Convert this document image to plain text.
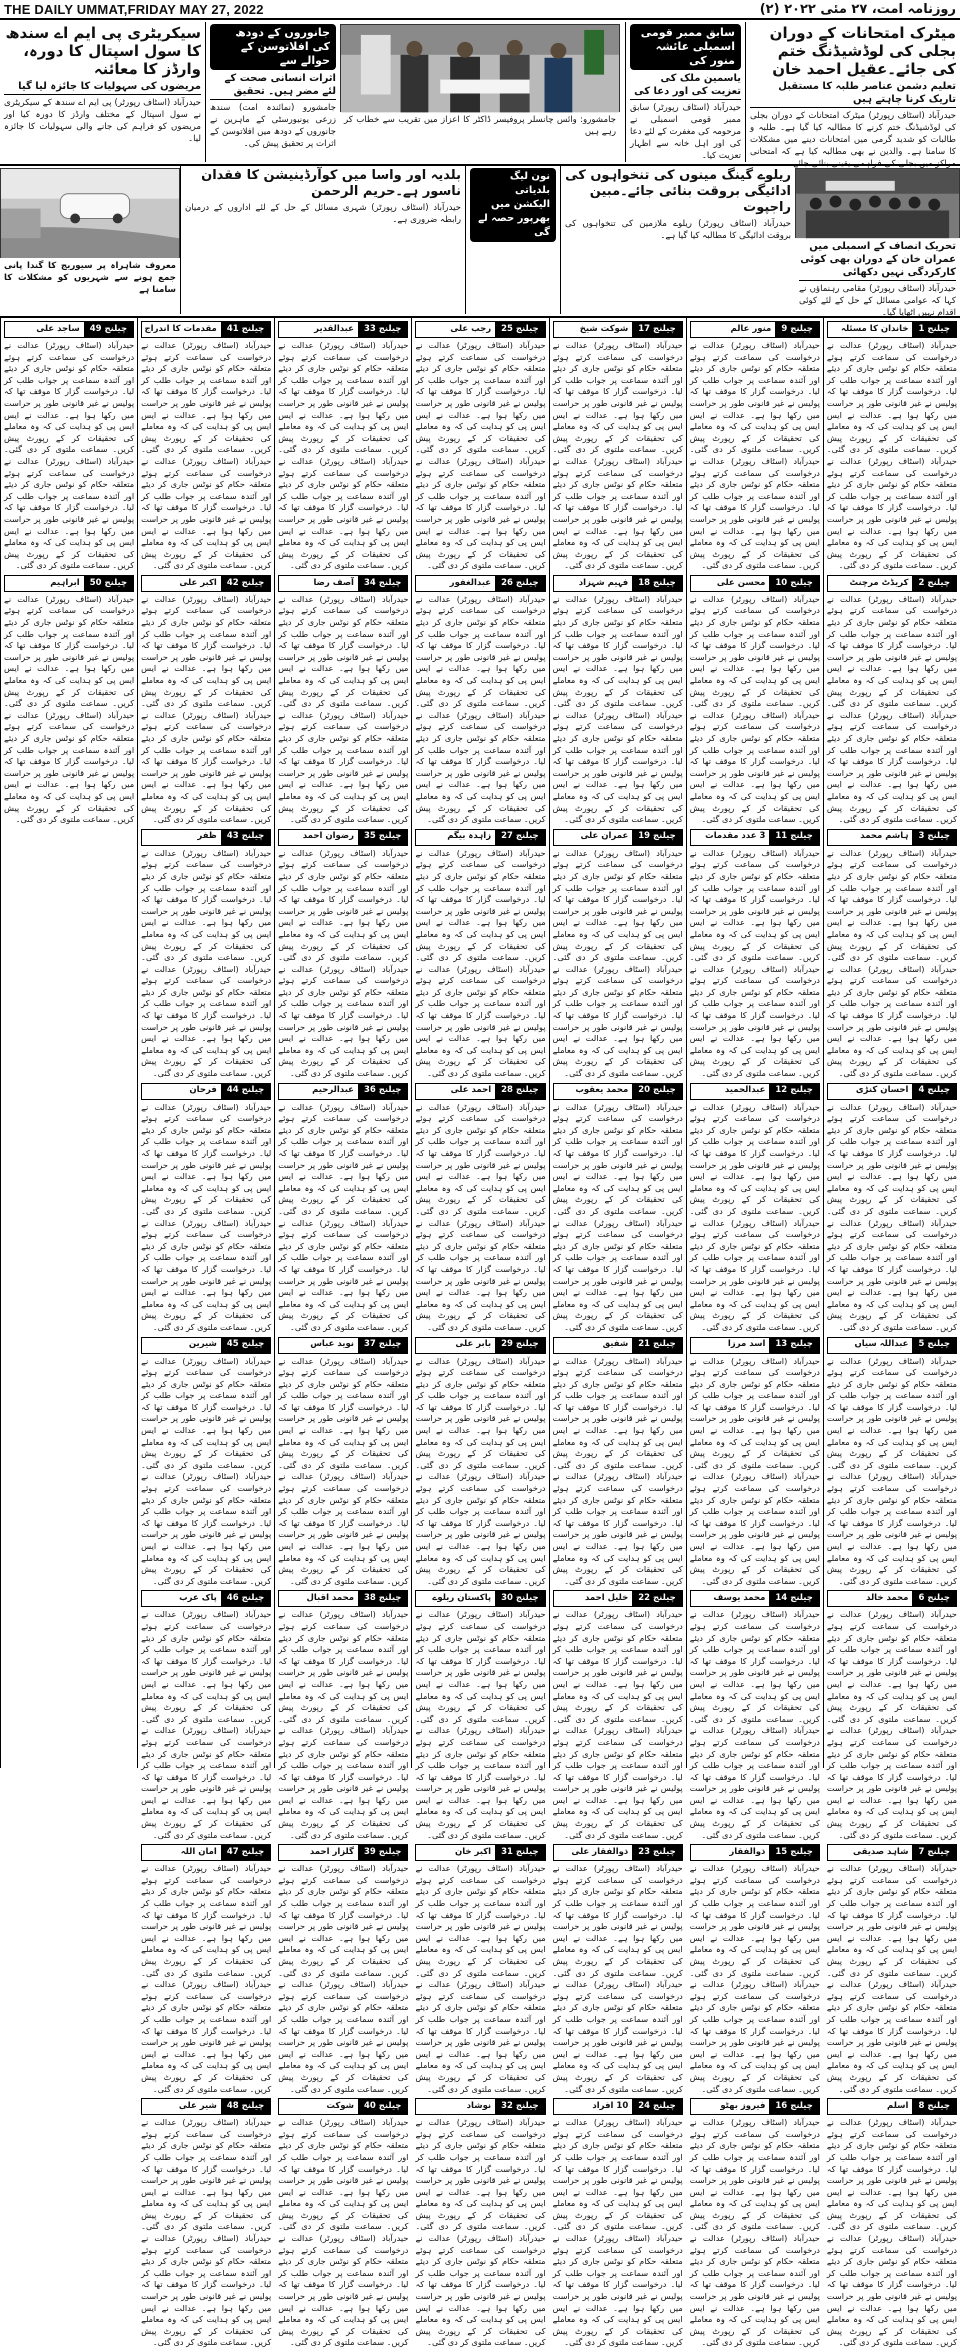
THE DAILY UMMAT,FRIDAY MAY 27, 2022	روزنامہ امت، ۲۷ مئی ۲۰۲۲ (۲)
میٹرک امتحانات کے دوران بجلی کی لوڈشیڈنگ ختم کی جائے۔عقیل احمد خان
تعلیم دشمن عناصر طلبہ کا مستقبل تاریک کرنا چاہتے ہیں

حیدرآباد (اسٹاف رپورٹر) میٹرک امتحانات کے دوران بجلی کی لوڈشیڈنگ ختم کرنے کا مطالبہ کیا گیا ہے۔ طلبہ و طالبات کو شدید گرمی میں امتحانات دینے میں مشکلات کا سامنا ہے۔ والدین نے بھی مطالبہ کیا ہے کہ امتحانی مراکز میں بجلی کی فراہمی یقینی بنائی جائے۔

سابق ممبر قومی اسمبلی عائشہ منور کی
یاسمین ملک کی تعزیت کی اور دعا کی

حیدرآباد (اسٹاف رپورٹر) سابق ممبر قومی اسمبلی نے مرحومہ کی مغفرت کے لئے دعا کی اور اہل خانہ سے اظہار تعزیت کیا۔

جامشورو: وائس چانسلر پروفیسر ڈاکٹر کا اعزاز میں تقریب سے خطاب کر رہے ہیں

جانوروں کے دودھ کی افلاتوسن کے حوالے سے
اثرات انسانی صحت کے لئے مضر ہیں۔ تحقیق

جامشورو (نمائندہ امت) سندھ زرعی یونیورسٹی کے ماہرین نے جانوروں کے دودھ میں افلاتوسن کے اثرات پر تحقیق پیش کی۔

سیکریٹری پی ایم اے سندھ کا سول اسپتال کا دورہ، وارڈز کا معائنہ
مریضوں کی سہولیات کا جائزہ لیا گیا

حیدرآباد (اسٹاف رپورٹر) پی ایم اے سندھ کے سیکریٹری نے سول اسپتال کے مختلف وارڈز کا دورہ کیا اور مریضوں کو فراہم کی جانے والی سہولیات کا جائزہ لیا۔

تحریک انصاف کے اسمبلی میں عمران خان کے دوران بھی کوئی کارکردگی نہیں دکھائی

حیدرآباد (اسٹاف رپورٹر) مقامی رہنماؤں نے کہا کہ عوامی مسائل کے حل کے لئے کوئی اقدام نہیں اٹھایا گیا۔

ریلوے گینگ مینوں کی تنخواہوں کی ادائیگی بروقت بنائی جائے۔مبین راجپوت

حیدرآباد (اسٹاف رپورٹر) ریلوے ملازمین کی تنخواہوں کی بروقت ادائیگی کا مطالبہ کیا گیا ہے۔

نون لیگ بلدیاتی الیکشن میں بھرپور حصہ لے گی
بلدیہ اور واسا میں کوآرڈینیشن کا فقدان ناسور ہے۔حریم الرحمن

حیدرآباد (اسٹاف رپورٹر) شہری مسائل کے حل کے لئے اداروں کے درمیان رابطہ ضروری ہے۔

معروف شاہراہ پر سیوریج کا گندا پانی جمع ہونے سے شہریوں کو مشکلات کا سامنا ہے

چیلنج 1
خاندان کا مسئلہ

حیدرآباد (اسٹاف رپورٹر) عدالت نے درخواست کی سماعت کرتے ہوئے متعلقہ حکام کو نوٹس جاری کر دیئے اور آئندہ سماعت پر جواب طلب کر لیا۔ درخواست گزار کا موقف تھا کہ پولیس نے غیر قانونی طور پر حراست میں رکھا ہوا ہے۔ عدالت نے ایس ایس پی کو ہدایت کی کہ وہ معاملے کی تحقیقات کر کے رپورٹ پیش کریں۔ سماعت ملتوی کر دی گئی۔ حیدرآباد (اسٹاف رپورٹر) عدالت نے درخواست کی سماعت کرتے ہوئے متعلقہ حکام کو نوٹس جاری کر دیئے اور آئندہ سماعت پر جواب طلب کر لیا۔ درخواست گزار کا موقف تھا کہ پولیس نے غیر قانونی طور پر حراست میں رکھا ہوا ہے۔ عدالت نے ایس ایس پی کو ہدایت کی کہ وہ معاملے کی تحقیقات کر کے رپورٹ پیش کریں۔ سماعت ملتوی کر دی گئی۔

چیلنج 2
کریڈٹ مرچنٹ

حیدرآباد (اسٹاف رپورٹر) عدالت نے درخواست کی سماعت کرتے ہوئے متعلقہ حکام کو نوٹس جاری کر دیئے اور آئندہ سماعت پر جواب طلب کر لیا۔ درخواست گزار کا موقف تھا کہ پولیس نے غیر قانونی طور پر حراست میں رکھا ہوا ہے۔ عدالت نے ایس ایس پی کو ہدایت کی کہ وہ معاملے کی تحقیقات کر کے رپورٹ پیش کریں۔ سماعت ملتوی کر دی گئی۔ حیدرآباد (اسٹاف رپورٹر) عدالت نے درخواست کی سماعت کرتے ہوئے متعلقہ حکام کو نوٹس جاری کر دیئے اور آئندہ سماعت پر جواب طلب کر لیا۔ درخواست گزار کا موقف تھا کہ پولیس نے غیر قانونی طور پر حراست میں رکھا ہوا ہے۔ عدالت نے ایس ایس پی کو ہدایت کی کہ وہ معاملے کی تحقیقات کر کے رپورٹ پیش کریں۔ سماعت ملتوی کر دی گئی۔

چیلنج 3
ہاشم محمد

حیدرآباد (اسٹاف رپورٹر) عدالت نے درخواست کی سماعت کرتے ہوئے متعلقہ حکام کو نوٹس جاری کر دیئے اور آئندہ سماعت پر جواب طلب کر لیا۔ درخواست گزار کا موقف تھا کہ پولیس نے غیر قانونی طور پر حراست میں رکھا ہوا ہے۔ عدالت نے ایس ایس پی کو ہدایت کی کہ وہ معاملے کی تحقیقات کر کے رپورٹ پیش کریں۔ سماعت ملتوی کر دی گئی۔ حیدرآباد (اسٹاف رپورٹر) عدالت نے درخواست کی سماعت کرتے ہوئے متعلقہ حکام کو نوٹس جاری کر دیئے اور آئندہ سماعت پر جواب طلب کر لیا۔ درخواست گزار کا موقف تھا کہ پولیس نے غیر قانونی طور پر حراست میں رکھا ہوا ہے۔ عدالت نے ایس ایس پی کو ہدایت کی کہ وہ معاملے کی تحقیقات کر کے رپورٹ پیش کریں۔ سماعت ملتوی کر دی گئی۔

چیلنج 4
احسان کنڑی

حیدرآباد (اسٹاف رپورٹر) عدالت نے درخواست کی سماعت کرتے ہوئے متعلقہ حکام کو نوٹس جاری کر دیئے اور آئندہ سماعت پر جواب طلب کر لیا۔ درخواست گزار کا موقف تھا کہ پولیس نے غیر قانونی طور پر حراست میں رکھا ہوا ہے۔ عدالت نے ایس ایس پی کو ہدایت کی کہ وہ معاملے کی تحقیقات کر کے رپورٹ پیش کریں۔ سماعت ملتوی کر دی گئی۔ حیدرآباد (اسٹاف رپورٹر) عدالت نے درخواست کی سماعت کرتے ہوئے متعلقہ حکام کو نوٹس جاری کر دیئے اور آئندہ سماعت پر جواب طلب کر لیا۔ درخواست گزار کا موقف تھا کہ پولیس نے غیر قانونی طور پر حراست میں رکھا ہوا ہے۔ عدالت نے ایس ایس پی کو ہدایت کی کہ وہ معاملے کی تحقیقات کر کے رپورٹ پیش کریں۔ سماعت ملتوی کر دی گئی۔

چیلنج 5
عبداللہ سیاں

حیدرآباد (اسٹاف رپورٹر) عدالت نے درخواست کی سماعت کرتے ہوئے متعلقہ حکام کو نوٹس جاری کر دیئے اور آئندہ سماعت پر جواب طلب کر لیا۔ درخواست گزار کا موقف تھا کہ پولیس نے غیر قانونی طور پر حراست میں رکھا ہوا ہے۔ عدالت نے ایس ایس پی کو ہدایت کی کہ وہ معاملے کی تحقیقات کر کے رپورٹ پیش کریں۔ سماعت ملتوی کر دی گئی۔ حیدرآباد (اسٹاف رپورٹر) عدالت نے درخواست کی سماعت کرتے ہوئے متعلقہ حکام کو نوٹس جاری کر دیئے اور آئندہ سماعت پر جواب طلب کر لیا۔ درخواست گزار کا موقف تھا کہ پولیس نے غیر قانونی طور پر حراست میں رکھا ہوا ہے۔ عدالت نے ایس ایس پی کو ہدایت کی کہ وہ معاملے کی تحقیقات کر کے رپورٹ پیش کریں۔ سماعت ملتوی کر دی گئی۔

چیلنج 6
محمد خالد

حیدرآباد (اسٹاف رپورٹر) عدالت نے درخواست کی سماعت کرتے ہوئے متعلقہ حکام کو نوٹس جاری کر دیئے اور آئندہ سماعت پر جواب طلب کر لیا۔ درخواست گزار کا موقف تھا کہ پولیس نے غیر قانونی طور پر حراست میں رکھا ہوا ہے۔ عدالت نے ایس ایس پی کو ہدایت کی کہ وہ معاملے کی تحقیقات کر کے رپورٹ پیش کریں۔ سماعت ملتوی کر دی گئی۔ حیدرآباد (اسٹاف رپورٹر) عدالت نے درخواست کی سماعت کرتے ہوئے متعلقہ حکام کو نوٹس جاری کر دیئے اور آئندہ سماعت پر جواب طلب کر لیا۔ درخواست گزار کا موقف تھا کہ پولیس نے غیر قانونی طور پر حراست میں رکھا ہوا ہے۔ عدالت نے ایس ایس پی کو ہدایت کی کہ وہ معاملے کی تحقیقات کر کے رپورٹ پیش کریں۔ سماعت ملتوی کر دی گئی۔

چیلنج 7
شاہد صدیقی

حیدرآباد (اسٹاف رپورٹر) عدالت نے درخواست کی سماعت کرتے ہوئے متعلقہ حکام کو نوٹس جاری کر دیئے اور آئندہ سماعت پر جواب طلب کر لیا۔ درخواست گزار کا موقف تھا کہ پولیس نے غیر قانونی طور پر حراست میں رکھا ہوا ہے۔ عدالت نے ایس ایس پی کو ہدایت کی کہ وہ معاملے کی تحقیقات کر کے رپورٹ پیش کریں۔ سماعت ملتوی کر دی گئی۔ حیدرآباد (اسٹاف رپورٹر) عدالت نے درخواست کی سماعت کرتے ہوئے متعلقہ حکام کو نوٹس جاری کر دیئے اور آئندہ سماعت پر جواب طلب کر لیا۔ درخواست گزار کا موقف تھا کہ پولیس نے غیر قانونی طور پر حراست میں رکھا ہوا ہے۔ عدالت نے ایس ایس پی کو ہدایت کی کہ وہ معاملے کی تحقیقات کر کے رپورٹ پیش کریں۔ سماعت ملتوی کر دی گئی۔

چیلنج 8
اسلم

حیدرآباد (اسٹاف رپورٹر) عدالت نے درخواست کی سماعت کرتے ہوئے متعلقہ حکام کو نوٹس جاری کر دیئے اور آئندہ سماعت پر جواب طلب کر لیا۔ درخواست گزار کا موقف تھا کہ پولیس نے غیر قانونی طور پر حراست میں رکھا ہوا ہے۔ عدالت نے ایس ایس پی کو ہدایت کی کہ وہ معاملے کی تحقیقات کر کے رپورٹ پیش کریں۔ سماعت ملتوی کر دی گئی۔ حیدرآباد (اسٹاف رپورٹر) عدالت نے درخواست کی سماعت کرتے ہوئے متعلقہ حکام کو نوٹس جاری کر دیئے اور آئندہ سماعت پر جواب طلب کر لیا۔ درخواست گزار کا موقف تھا کہ پولیس نے غیر قانونی طور پر حراست میں رکھا ہوا ہے۔ عدالت نے ایس ایس پی کو ہدایت کی کہ وہ معاملے کی تحقیقات کر کے رپورٹ پیش کریں۔ سماعت ملتوی کر دی گئی۔

چیلنج 9
منور عالم

حیدرآباد (اسٹاف رپورٹر) عدالت نے درخواست کی سماعت کرتے ہوئے متعلقہ حکام کو نوٹس جاری کر دیئے اور آئندہ سماعت پر جواب طلب کر لیا۔ درخواست گزار کا موقف تھا کہ پولیس نے غیر قانونی طور پر حراست میں رکھا ہوا ہے۔ عدالت نے ایس ایس پی کو ہدایت کی کہ وہ معاملے کی تحقیقات کر کے رپورٹ پیش کریں۔ سماعت ملتوی کر دی گئی۔ حیدرآباد (اسٹاف رپورٹر) عدالت نے درخواست کی سماعت کرتے ہوئے متعلقہ حکام کو نوٹس جاری کر دیئے اور آئندہ سماعت پر جواب طلب کر لیا۔ درخواست گزار کا موقف تھا کہ پولیس نے غیر قانونی طور پر حراست میں رکھا ہوا ہے۔ عدالت نے ایس ایس پی کو ہدایت کی کہ وہ معاملے کی تحقیقات کر کے رپورٹ پیش کریں۔ سماعت ملتوی کر دی گئی۔

چیلنج 10
محسن علی

حیدرآباد (اسٹاف رپورٹر) عدالت نے درخواست کی سماعت کرتے ہوئے متعلقہ حکام کو نوٹس جاری کر دیئے اور آئندہ سماعت پر جواب طلب کر لیا۔ درخواست گزار کا موقف تھا کہ پولیس نے غیر قانونی طور پر حراست میں رکھا ہوا ہے۔ عدالت نے ایس ایس پی کو ہدایت کی کہ وہ معاملے کی تحقیقات کر کے رپورٹ پیش کریں۔ سماعت ملتوی کر دی گئی۔ حیدرآباد (اسٹاف رپورٹر) عدالت نے درخواست کی سماعت کرتے ہوئے متعلقہ حکام کو نوٹس جاری کر دیئے اور آئندہ سماعت پر جواب طلب کر لیا۔ درخواست گزار کا موقف تھا کہ پولیس نے غیر قانونی طور پر حراست میں رکھا ہوا ہے۔ عدالت نے ایس ایس پی کو ہدایت کی کہ وہ معاملے کی تحقیقات کر کے رپورٹ پیش کریں۔ سماعت ملتوی کر دی گئی۔

چیلنج 11
3 عدد مقدمات

حیدرآباد (اسٹاف رپورٹر) عدالت نے درخواست کی سماعت کرتے ہوئے متعلقہ حکام کو نوٹس جاری کر دیئے اور آئندہ سماعت پر جواب طلب کر لیا۔ درخواست گزار کا موقف تھا کہ پولیس نے غیر قانونی طور پر حراست میں رکھا ہوا ہے۔ عدالت نے ایس ایس پی کو ہدایت کی کہ وہ معاملے کی تحقیقات کر کے رپورٹ پیش کریں۔ سماعت ملتوی کر دی گئی۔ حیدرآباد (اسٹاف رپورٹر) عدالت نے درخواست کی سماعت کرتے ہوئے متعلقہ حکام کو نوٹس جاری کر دیئے اور آئندہ سماعت پر جواب طلب کر لیا۔ درخواست گزار کا موقف تھا کہ پولیس نے غیر قانونی طور پر حراست میں رکھا ہوا ہے۔ عدالت نے ایس ایس پی کو ہدایت کی کہ وہ معاملے کی تحقیقات کر کے رپورٹ پیش کریں۔ سماعت ملتوی کر دی گئی۔

چیلنج 12
عبدالحمید

حیدرآباد (اسٹاف رپورٹر) عدالت نے درخواست کی سماعت کرتے ہوئے متعلقہ حکام کو نوٹس جاری کر دیئے اور آئندہ سماعت پر جواب طلب کر لیا۔ درخواست گزار کا موقف تھا کہ پولیس نے غیر قانونی طور پر حراست میں رکھا ہوا ہے۔ عدالت نے ایس ایس پی کو ہدایت کی کہ وہ معاملے کی تحقیقات کر کے رپورٹ پیش کریں۔ سماعت ملتوی کر دی گئی۔ حیدرآباد (اسٹاف رپورٹر) عدالت نے درخواست کی سماعت کرتے ہوئے متعلقہ حکام کو نوٹس جاری کر دیئے اور آئندہ سماعت پر جواب طلب کر لیا۔ درخواست گزار کا موقف تھا کہ پولیس نے غیر قانونی طور پر حراست میں رکھا ہوا ہے۔ عدالت نے ایس ایس پی کو ہدایت کی کہ وہ معاملے کی تحقیقات کر کے رپورٹ پیش کریں۔ سماعت ملتوی کر دی گئی۔

چیلنج 13
اسد مرزا

حیدرآباد (اسٹاف رپورٹر) عدالت نے درخواست کی سماعت کرتے ہوئے متعلقہ حکام کو نوٹس جاری کر دیئے اور آئندہ سماعت پر جواب طلب کر لیا۔ درخواست گزار کا موقف تھا کہ پولیس نے غیر قانونی طور پر حراست میں رکھا ہوا ہے۔ عدالت نے ایس ایس پی کو ہدایت کی کہ وہ معاملے کی تحقیقات کر کے رپورٹ پیش کریں۔ سماعت ملتوی کر دی گئی۔ حیدرآباد (اسٹاف رپورٹر) عدالت نے درخواست کی سماعت کرتے ہوئے متعلقہ حکام کو نوٹس جاری کر دیئے اور آئندہ سماعت پر جواب طلب کر لیا۔ درخواست گزار کا موقف تھا کہ پولیس نے غیر قانونی طور پر حراست میں رکھا ہوا ہے۔ عدالت نے ایس ایس پی کو ہدایت کی کہ وہ معاملے کی تحقیقات کر کے رپورٹ پیش کریں۔ سماعت ملتوی کر دی گئی۔

چیلنج 14
محمد یوسف

حیدرآباد (اسٹاف رپورٹر) عدالت نے درخواست کی سماعت کرتے ہوئے متعلقہ حکام کو نوٹس جاری کر دیئے اور آئندہ سماعت پر جواب طلب کر لیا۔ درخواست گزار کا موقف تھا کہ پولیس نے غیر قانونی طور پر حراست میں رکھا ہوا ہے۔ عدالت نے ایس ایس پی کو ہدایت کی کہ وہ معاملے کی تحقیقات کر کے رپورٹ پیش کریں۔ سماعت ملتوی کر دی گئی۔ حیدرآباد (اسٹاف رپورٹر) عدالت نے درخواست کی سماعت کرتے ہوئے متعلقہ حکام کو نوٹس جاری کر دیئے اور آئندہ سماعت پر جواب طلب کر لیا۔ درخواست گزار کا موقف تھا کہ پولیس نے غیر قانونی طور پر حراست میں رکھا ہوا ہے۔ عدالت نے ایس ایس پی کو ہدایت کی کہ وہ معاملے کی تحقیقات کر کے رپورٹ پیش کریں۔ سماعت ملتوی کر دی گئی۔

چیلنج 15
ذوالفقار

حیدرآباد (اسٹاف رپورٹر) عدالت نے درخواست کی سماعت کرتے ہوئے متعلقہ حکام کو نوٹس جاری کر دیئے اور آئندہ سماعت پر جواب طلب کر لیا۔ درخواست گزار کا موقف تھا کہ پولیس نے غیر قانونی طور پر حراست میں رکھا ہوا ہے۔ عدالت نے ایس ایس پی کو ہدایت کی کہ وہ معاملے کی تحقیقات کر کے رپورٹ پیش کریں۔ سماعت ملتوی کر دی گئی۔ حیدرآباد (اسٹاف رپورٹر) عدالت نے درخواست کی سماعت کرتے ہوئے متعلقہ حکام کو نوٹس جاری کر دیئے اور آئندہ سماعت پر جواب طلب کر لیا۔ درخواست گزار کا موقف تھا کہ پولیس نے غیر قانونی طور پر حراست میں رکھا ہوا ہے۔ عدالت نے ایس ایس پی کو ہدایت کی کہ وہ معاملے کی تحقیقات کر کے رپورٹ پیش کریں۔ سماعت ملتوی کر دی گئی۔

چیلنج 16
فیروز بھٹو

حیدرآباد (اسٹاف رپورٹر) عدالت نے درخواست کی سماعت کرتے ہوئے متعلقہ حکام کو نوٹس جاری کر دیئے اور آئندہ سماعت پر جواب طلب کر لیا۔ درخواست گزار کا موقف تھا کہ پولیس نے غیر قانونی طور پر حراست میں رکھا ہوا ہے۔ عدالت نے ایس ایس پی کو ہدایت کی کہ وہ معاملے کی تحقیقات کر کے رپورٹ پیش کریں۔ سماعت ملتوی کر دی گئی۔ حیدرآباد (اسٹاف رپورٹر) عدالت نے درخواست کی سماعت کرتے ہوئے متعلقہ حکام کو نوٹس جاری کر دیئے اور آئندہ سماعت پر جواب طلب کر لیا۔ درخواست گزار کا موقف تھا کہ پولیس نے غیر قانونی طور پر حراست میں رکھا ہوا ہے۔ عدالت نے ایس ایس پی کو ہدایت کی کہ وہ معاملے کی تحقیقات کر کے رپورٹ پیش کریں۔ سماعت ملتوی کر دی گئی۔

چیلنج 17
شوکت شیخ

حیدرآباد (اسٹاف رپورٹر) عدالت نے درخواست کی سماعت کرتے ہوئے متعلقہ حکام کو نوٹس جاری کر دیئے اور آئندہ سماعت پر جواب طلب کر لیا۔ درخواست گزار کا موقف تھا کہ پولیس نے غیر قانونی طور پر حراست میں رکھا ہوا ہے۔ عدالت نے ایس ایس پی کو ہدایت کی کہ وہ معاملے کی تحقیقات کر کے رپورٹ پیش کریں۔ سماعت ملتوی کر دی گئی۔ حیدرآباد (اسٹاف رپورٹر) عدالت نے درخواست کی سماعت کرتے ہوئے متعلقہ حکام کو نوٹس جاری کر دیئے اور آئندہ سماعت پر جواب طلب کر لیا۔ درخواست گزار کا موقف تھا کہ پولیس نے غیر قانونی طور پر حراست میں رکھا ہوا ہے۔ عدالت نے ایس ایس پی کو ہدایت کی کہ وہ معاملے کی تحقیقات کر کے رپورٹ پیش کریں۔ سماعت ملتوی کر دی گئی۔

چیلنج 18
فہیم شہزاد

حیدرآباد (اسٹاف رپورٹر) عدالت نے درخواست کی سماعت کرتے ہوئے متعلقہ حکام کو نوٹس جاری کر دیئے اور آئندہ سماعت پر جواب طلب کر لیا۔ درخواست گزار کا موقف تھا کہ پولیس نے غیر قانونی طور پر حراست میں رکھا ہوا ہے۔ عدالت نے ایس ایس پی کو ہدایت کی کہ وہ معاملے کی تحقیقات کر کے رپورٹ پیش کریں۔ سماعت ملتوی کر دی گئی۔ حیدرآباد (اسٹاف رپورٹر) عدالت نے درخواست کی سماعت کرتے ہوئے متعلقہ حکام کو نوٹس جاری کر دیئے اور آئندہ سماعت پر جواب طلب کر لیا۔ درخواست گزار کا موقف تھا کہ پولیس نے غیر قانونی طور پر حراست میں رکھا ہوا ہے۔ عدالت نے ایس ایس پی کو ہدایت کی کہ وہ معاملے کی تحقیقات کر کے رپورٹ پیش کریں۔ سماعت ملتوی کر دی گئی۔

چیلنج 19
عمران علی

حیدرآباد (اسٹاف رپورٹر) عدالت نے درخواست کی سماعت کرتے ہوئے متعلقہ حکام کو نوٹس جاری کر دیئے اور آئندہ سماعت پر جواب طلب کر لیا۔ درخواست گزار کا موقف تھا کہ پولیس نے غیر قانونی طور پر حراست میں رکھا ہوا ہے۔ عدالت نے ایس ایس پی کو ہدایت کی کہ وہ معاملے کی تحقیقات کر کے رپورٹ پیش کریں۔ سماعت ملتوی کر دی گئی۔ حیدرآباد (اسٹاف رپورٹر) عدالت نے درخواست کی سماعت کرتے ہوئے متعلقہ حکام کو نوٹس جاری کر دیئے اور آئندہ سماعت پر جواب طلب کر لیا۔ درخواست گزار کا موقف تھا کہ پولیس نے غیر قانونی طور پر حراست میں رکھا ہوا ہے۔ عدالت نے ایس ایس پی کو ہدایت کی کہ وہ معاملے کی تحقیقات کر کے رپورٹ پیش کریں۔ سماعت ملتوی کر دی گئی۔

چیلنج 20
محمد یعقوب

حیدرآباد (اسٹاف رپورٹر) عدالت نے درخواست کی سماعت کرتے ہوئے متعلقہ حکام کو نوٹس جاری کر دیئے اور آئندہ سماعت پر جواب طلب کر لیا۔ درخواست گزار کا موقف تھا کہ پولیس نے غیر قانونی طور پر حراست میں رکھا ہوا ہے۔ عدالت نے ایس ایس پی کو ہدایت کی کہ وہ معاملے کی تحقیقات کر کے رپورٹ پیش کریں۔ سماعت ملتوی کر دی گئی۔ حیدرآباد (اسٹاف رپورٹر) عدالت نے درخواست کی سماعت کرتے ہوئے متعلقہ حکام کو نوٹس جاری کر دیئے اور آئندہ سماعت پر جواب طلب کر لیا۔ درخواست گزار کا موقف تھا کہ پولیس نے غیر قانونی طور پر حراست میں رکھا ہوا ہے۔ عدالت نے ایس ایس پی کو ہدایت کی کہ وہ معاملے کی تحقیقات کر کے رپورٹ پیش کریں۔ سماعت ملتوی کر دی گئی۔

چیلنج 21
شفیق

حیدرآباد (اسٹاف رپورٹر) عدالت نے درخواست کی سماعت کرتے ہوئے متعلقہ حکام کو نوٹس جاری کر دیئے اور آئندہ سماعت پر جواب طلب کر لیا۔ درخواست گزار کا موقف تھا کہ پولیس نے غیر قانونی طور پر حراست میں رکھا ہوا ہے۔ عدالت نے ایس ایس پی کو ہدایت کی کہ وہ معاملے کی تحقیقات کر کے رپورٹ پیش کریں۔ سماعت ملتوی کر دی گئی۔ حیدرآباد (اسٹاف رپورٹر) عدالت نے درخواست کی سماعت کرتے ہوئے متعلقہ حکام کو نوٹس جاری کر دیئے اور آئندہ سماعت پر جواب طلب کر لیا۔ درخواست گزار کا موقف تھا کہ پولیس نے غیر قانونی طور پر حراست میں رکھا ہوا ہے۔ عدالت نے ایس ایس پی کو ہدایت کی کہ وہ معاملے کی تحقیقات کر کے رپورٹ پیش کریں۔ سماعت ملتوی کر دی گئی۔

چیلنج 22
خلیل احمد

حیدرآباد (اسٹاف رپورٹر) عدالت نے درخواست کی سماعت کرتے ہوئے متعلقہ حکام کو نوٹس جاری کر دیئے اور آئندہ سماعت پر جواب طلب کر لیا۔ درخواست گزار کا موقف تھا کہ پولیس نے غیر قانونی طور پر حراست میں رکھا ہوا ہے۔ عدالت نے ایس ایس پی کو ہدایت کی کہ وہ معاملے کی تحقیقات کر کے رپورٹ پیش کریں۔ سماعت ملتوی کر دی گئی۔ حیدرآباد (اسٹاف رپورٹر) عدالت نے درخواست کی سماعت کرتے ہوئے متعلقہ حکام کو نوٹس جاری کر دیئے اور آئندہ سماعت پر جواب طلب کر لیا۔ درخواست گزار کا موقف تھا کہ پولیس نے غیر قانونی طور پر حراست میں رکھا ہوا ہے۔ عدالت نے ایس ایس پی کو ہدایت کی کہ وہ معاملے کی تحقیقات کر کے رپورٹ پیش کریں۔ سماعت ملتوی کر دی گئی۔

چیلنج 23
ذوالفقار علی

حیدرآباد (اسٹاف رپورٹر) عدالت نے درخواست کی سماعت کرتے ہوئے متعلقہ حکام کو نوٹس جاری کر دیئے اور آئندہ سماعت پر جواب طلب کر لیا۔ درخواست گزار کا موقف تھا کہ پولیس نے غیر قانونی طور پر حراست میں رکھا ہوا ہے۔ عدالت نے ایس ایس پی کو ہدایت کی کہ وہ معاملے کی تحقیقات کر کے رپورٹ پیش کریں۔ سماعت ملتوی کر دی گئی۔ حیدرآباد (اسٹاف رپورٹر) عدالت نے درخواست کی سماعت کرتے ہوئے متعلقہ حکام کو نوٹس جاری کر دیئے اور آئندہ سماعت پر جواب طلب کر لیا۔ درخواست گزار کا موقف تھا کہ پولیس نے غیر قانونی طور پر حراست میں رکھا ہوا ہے۔ عدالت نے ایس ایس پی کو ہدایت کی کہ وہ معاملے کی تحقیقات کر کے رپورٹ پیش کریں۔ سماعت ملتوی کر دی گئی۔

چیلنج 24
10 افراد

حیدرآباد (اسٹاف رپورٹر) عدالت نے درخواست کی سماعت کرتے ہوئے متعلقہ حکام کو نوٹس جاری کر دیئے اور آئندہ سماعت پر جواب طلب کر لیا۔ درخواست گزار کا موقف تھا کہ پولیس نے غیر قانونی طور پر حراست میں رکھا ہوا ہے۔ عدالت نے ایس ایس پی کو ہدایت کی کہ وہ معاملے کی تحقیقات کر کے رپورٹ پیش کریں۔ سماعت ملتوی کر دی گئی۔ حیدرآباد (اسٹاف رپورٹر) عدالت نے درخواست کی سماعت کرتے ہوئے متعلقہ حکام کو نوٹس جاری کر دیئے اور آئندہ سماعت پر جواب طلب کر لیا۔ درخواست گزار کا موقف تھا کہ پولیس نے غیر قانونی طور پر حراست میں رکھا ہوا ہے۔ عدالت نے ایس ایس پی کو ہدایت کی کہ وہ معاملے کی تحقیقات کر کے رپورٹ پیش کریں۔ سماعت ملتوی کر دی گئی۔

چیلنج 25
رجب علی

حیدرآباد (اسٹاف رپورٹر) عدالت نے درخواست کی سماعت کرتے ہوئے متعلقہ حکام کو نوٹس جاری کر دیئے اور آئندہ سماعت پر جواب طلب کر لیا۔ درخواست گزار کا موقف تھا کہ پولیس نے غیر قانونی طور پر حراست میں رکھا ہوا ہے۔ عدالت نے ایس ایس پی کو ہدایت کی کہ وہ معاملے کی تحقیقات کر کے رپورٹ پیش کریں۔ سماعت ملتوی کر دی گئی۔ حیدرآباد (اسٹاف رپورٹر) عدالت نے درخواست کی سماعت کرتے ہوئے متعلقہ حکام کو نوٹس جاری کر دیئے اور آئندہ سماعت پر جواب طلب کر لیا۔ درخواست گزار کا موقف تھا کہ پولیس نے غیر قانونی طور پر حراست میں رکھا ہوا ہے۔ عدالت نے ایس ایس پی کو ہدایت کی کہ وہ معاملے کی تحقیقات کر کے رپورٹ پیش کریں۔ سماعت ملتوی کر دی گئی۔

چیلنج 26
عبدالغفور

حیدرآباد (اسٹاف رپورٹر) عدالت نے درخواست کی سماعت کرتے ہوئے متعلقہ حکام کو نوٹس جاری کر دیئے اور آئندہ سماعت پر جواب طلب کر لیا۔ درخواست گزار کا موقف تھا کہ پولیس نے غیر قانونی طور پر حراست میں رکھا ہوا ہے۔ عدالت نے ایس ایس پی کو ہدایت کی کہ وہ معاملے کی تحقیقات کر کے رپورٹ پیش کریں۔ سماعت ملتوی کر دی گئی۔ حیدرآباد (اسٹاف رپورٹر) عدالت نے درخواست کی سماعت کرتے ہوئے متعلقہ حکام کو نوٹس جاری کر دیئے اور آئندہ سماعت پر جواب طلب کر لیا۔ درخواست گزار کا موقف تھا کہ پولیس نے غیر قانونی طور پر حراست میں رکھا ہوا ہے۔ عدالت نے ایس ایس پی کو ہدایت کی کہ وہ معاملے کی تحقیقات کر کے رپورٹ پیش کریں۔ سماعت ملتوی کر دی گئی۔

چیلنج 27
زاہدہ بیگم

حیدرآباد (اسٹاف رپورٹر) عدالت نے درخواست کی سماعت کرتے ہوئے متعلقہ حکام کو نوٹس جاری کر دیئے اور آئندہ سماعت پر جواب طلب کر لیا۔ درخواست گزار کا موقف تھا کہ پولیس نے غیر قانونی طور پر حراست میں رکھا ہوا ہے۔ عدالت نے ایس ایس پی کو ہدایت کی کہ وہ معاملے کی تحقیقات کر کے رپورٹ پیش کریں۔ سماعت ملتوی کر دی گئی۔ حیدرآباد (اسٹاف رپورٹر) عدالت نے درخواست کی سماعت کرتے ہوئے متعلقہ حکام کو نوٹس جاری کر دیئے اور آئندہ سماعت پر جواب طلب کر لیا۔ درخواست گزار کا موقف تھا کہ پولیس نے غیر قانونی طور پر حراست میں رکھا ہوا ہے۔ عدالت نے ایس ایس پی کو ہدایت کی کہ وہ معاملے کی تحقیقات کر کے رپورٹ پیش کریں۔ سماعت ملتوی کر دی گئی۔

چیلنج 28
احمد علی

حیدرآباد (اسٹاف رپورٹر) عدالت نے درخواست کی سماعت کرتے ہوئے متعلقہ حکام کو نوٹس جاری کر دیئے اور آئندہ سماعت پر جواب طلب کر لیا۔ درخواست گزار کا موقف تھا کہ پولیس نے غیر قانونی طور پر حراست میں رکھا ہوا ہے۔ عدالت نے ایس ایس پی کو ہدایت کی کہ وہ معاملے کی تحقیقات کر کے رپورٹ پیش کریں۔ سماعت ملتوی کر دی گئی۔ حیدرآباد (اسٹاف رپورٹر) عدالت نے درخواست کی سماعت کرتے ہوئے متعلقہ حکام کو نوٹس جاری کر دیئے اور آئندہ سماعت پر جواب طلب کر لیا۔ درخواست گزار کا موقف تھا کہ پولیس نے غیر قانونی طور پر حراست میں رکھا ہوا ہے۔ عدالت نے ایس ایس پی کو ہدایت کی کہ وہ معاملے کی تحقیقات کر کے رپورٹ پیش کریں۔ سماعت ملتوی کر دی گئی۔

چیلنج 29
بابر علی

حیدرآباد (اسٹاف رپورٹر) عدالت نے درخواست کی سماعت کرتے ہوئے متعلقہ حکام کو نوٹس جاری کر دیئے اور آئندہ سماعت پر جواب طلب کر لیا۔ درخواست گزار کا موقف تھا کہ پولیس نے غیر قانونی طور پر حراست میں رکھا ہوا ہے۔ عدالت نے ایس ایس پی کو ہدایت کی کہ وہ معاملے کی تحقیقات کر کے رپورٹ پیش کریں۔ سماعت ملتوی کر دی گئی۔ حیدرآباد (اسٹاف رپورٹر) عدالت نے درخواست کی سماعت کرتے ہوئے متعلقہ حکام کو نوٹس جاری کر دیئے اور آئندہ سماعت پر جواب طلب کر لیا۔ درخواست گزار کا موقف تھا کہ پولیس نے غیر قانونی طور پر حراست میں رکھا ہوا ہے۔ عدالت نے ایس ایس پی کو ہدایت کی کہ وہ معاملے کی تحقیقات کر کے رپورٹ پیش کریں۔ سماعت ملتوی کر دی گئی۔

چیلنج 30
پاکستان ریلوے

حیدرآباد (اسٹاف رپورٹر) عدالت نے درخواست کی سماعت کرتے ہوئے متعلقہ حکام کو نوٹس جاری کر دیئے اور آئندہ سماعت پر جواب طلب کر لیا۔ درخواست گزار کا موقف تھا کہ پولیس نے غیر قانونی طور پر حراست میں رکھا ہوا ہے۔ عدالت نے ایس ایس پی کو ہدایت کی کہ وہ معاملے کی تحقیقات کر کے رپورٹ پیش کریں۔ سماعت ملتوی کر دی گئی۔ حیدرآباد (اسٹاف رپورٹر) عدالت نے درخواست کی سماعت کرتے ہوئے متعلقہ حکام کو نوٹس جاری کر دیئے اور آئندہ سماعت پر جواب طلب کر لیا۔ درخواست گزار کا موقف تھا کہ پولیس نے غیر قانونی طور پر حراست میں رکھا ہوا ہے۔ عدالت نے ایس ایس پی کو ہدایت کی کہ وہ معاملے کی تحقیقات کر کے رپورٹ پیش کریں۔ سماعت ملتوی کر دی گئی۔

چیلنج 31
اکبر خان

حیدرآباد (اسٹاف رپورٹر) عدالت نے درخواست کی سماعت کرتے ہوئے متعلقہ حکام کو نوٹس جاری کر دیئے اور آئندہ سماعت پر جواب طلب کر لیا۔ درخواست گزار کا موقف تھا کہ پولیس نے غیر قانونی طور پر حراست میں رکھا ہوا ہے۔ عدالت نے ایس ایس پی کو ہدایت کی کہ وہ معاملے کی تحقیقات کر کے رپورٹ پیش کریں۔ سماعت ملتوی کر دی گئی۔ حیدرآباد (اسٹاف رپورٹر) عدالت نے درخواست کی سماعت کرتے ہوئے متعلقہ حکام کو نوٹس جاری کر دیئے اور آئندہ سماعت پر جواب طلب کر لیا۔ درخواست گزار کا موقف تھا کہ پولیس نے غیر قانونی طور پر حراست میں رکھا ہوا ہے۔ عدالت نے ایس ایس پی کو ہدایت کی کہ وہ معاملے کی تحقیقات کر کے رپورٹ پیش کریں۔ سماعت ملتوی کر دی گئی۔

چیلنج 32
نوشاد

حیدرآباد (اسٹاف رپورٹر) عدالت نے درخواست کی سماعت کرتے ہوئے متعلقہ حکام کو نوٹس جاری کر دیئے اور آئندہ سماعت پر جواب طلب کر لیا۔ درخواست گزار کا موقف تھا کہ پولیس نے غیر قانونی طور پر حراست میں رکھا ہوا ہے۔ عدالت نے ایس ایس پی کو ہدایت کی کہ وہ معاملے کی تحقیقات کر کے رپورٹ پیش کریں۔ سماعت ملتوی کر دی گئی۔ حیدرآباد (اسٹاف رپورٹر) عدالت نے درخواست کی سماعت کرتے ہوئے متعلقہ حکام کو نوٹس جاری کر دیئے اور آئندہ سماعت پر جواب طلب کر لیا۔ درخواست گزار کا موقف تھا کہ پولیس نے غیر قانونی طور پر حراست میں رکھا ہوا ہے۔ عدالت نے ایس ایس پی کو ہدایت کی کہ وہ معاملے کی تحقیقات کر کے رپورٹ پیش کریں۔ سماعت ملتوی کر دی گئی۔

چیلنج 33
عبدالقدیر

حیدرآباد (اسٹاف رپورٹر) عدالت نے درخواست کی سماعت کرتے ہوئے متعلقہ حکام کو نوٹس جاری کر دیئے اور آئندہ سماعت پر جواب طلب کر لیا۔ درخواست گزار کا موقف تھا کہ پولیس نے غیر قانونی طور پر حراست میں رکھا ہوا ہے۔ عدالت نے ایس ایس پی کو ہدایت کی کہ وہ معاملے کی تحقیقات کر کے رپورٹ پیش کریں۔ سماعت ملتوی کر دی گئی۔ حیدرآباد (اسٹاف رپورٹر) عدالت نے درخواست کی سماعت کرتے ہوئے متعلقہ حکام کو نوٹس جاری کر دیئے اور آئندہ سماعت پر جواب طلب کر لیا۔ درخواست گزار کا موقف تھا کہ پولیس نے غیر قانونی طور پر حراست میں رکھا ہوا ہے۔ عدالت نے ایس ایس پی کو ہدایت کی کہ وہ معاملے کی تحقیقات کر کے رپورٹ پیش کریں۔ سماعت ملتوی کر دی گئی۔

چیلنج 34
آصف رضا

حیدرآباد (اسٹاف رپورٹر) عدالت نے درخواست کی سماعت کرتے ہوئے متعلقہ حکام کو نوٹس جاری کر دیئے اور آئندہ سماعت پر جواب طلب کر لیا۔ درخواست گزار کا موقف تھا کہ پولیس نے غیر قانونی طور پر حراست میں رکھا ہوا ہے۔ عدالت نے ایس ایس پی کو ہدایت کی کہ وہ معاملے کی تحقیقات کر کے رپورٹ پیش کریں۔ سماعت ملتوی کر دی گئی۔ حیدرآباد (اسٹاف رپورٹر) عدالت نے درخواست کی سماعت کرتے ہوئے متعلقہ حکام کو نوٹس جاری کر دیئے اور آئندہ سماعت پر جواب طلب کر لیا۔ درخواست گزار کا موقف تھا کہ پولیس نے غیر قانونی طور پر حراست میں رکھا ہوا ہے۔ عدالت نے ایس ایس پی کو ہدایت کی کہ وہ معاملے کی تحقیقات کر کے رپورٹ پیش کریں۔ سماعت ملتوی کر دی گئی۔

چیلنج 35
رضوان احمد

حیدرآباد (اسٹاف رپورٹر) عدالت نے درخواست کی سماعت کرتے ہوئے متعلقہ حکام کو نوٹس جاری کر دیئے اور آئندہ سماعت پر جواب طلب کر لیا۔ درخواست گزار کا موقف تھا کہ پولیس نے غیر قانونی طور پر حراست میں رکھا ہوا ہے۔ عدالت نے ایس ایس پی کو ہدایت کی کہ وہ معاملے کی تحقیقات کر کے رپورٹ پیش کریں۔ سماعت ملتوی کر دی گئی۔ حیدرآباد (اسٹاف رپورٹر) عدالت نے درخواست کی سماعت کرتے ہوئے متعلقہ حکام کو نوٹس جاری کر دیئے اور آئندہ سماعت پر جواب طلب کر لیا۔ درخواست گزار کا موقف تھا کہ پولیس نے غیر قانونی طور پر حراست میں رکھا ہوا ہے۔ عدالت نے ایس ایس پی کو ہدایت کی کہ وہ معاملے کی تحقیقات کر کے رپورٹ پیش کریں۔ سماعت ملتوی کر دی گئی۔

چیلنج 36
عبدالرحیم

حیدرآباد (اسٹاف رپورٹر) عدالت نے درخواست کی سماعت کرتے ہوئے متعلقہ حکام کو نوٹس جاری کر دیئے اور آئندہ سماعت پر جواب طلب کر لیا۔ درخواست گزار کا موقف تھا کہ پولیس نے غیر قانونی طور پر حراست میں رکھا ہوا ہے۔ عدالت نے ایس ایس پی کو ہدایت کی کہ وہ معاملے کی تحقیقات کر کے رپورٹ پیش کریں۔ سماعت ملتوی کر دی گئی۔ حیدرآباد (اسٹاف رپورٹر) عدالت نے درخواست کی سماعت کرتے ہوئے متعلقہ حکام کو نوٹس جاری کر دیئے اور آئندہ سماعت پر جواب طلب کر لیا۔ درخواست گزار کا موقف تھا کہ پولیس نے غیر قانونی طور پر حراست میں رکھا ہوا ہے۔ عدالت نے ایس ایس پی کو ہدایت کی کہ وہ معاملے کی تحقیقات کر کے رپورٹ پیش کریں۔ سماعت ملتوی کر دی گئی۔

چیلنج 37
نوید عباس

حیدرآباد (اسٹاف رپورٹر) عدالت نے درخواست کی سماعت کرتے ہوئے متعلقہ حکام کو نوٹس جاری کر دیئے اور آئندہ سماعت پر جواب طلب کر لیا۔ درخواست گزار کا موقف تھا کہ پولیس نے غیر قانونی طور پر حراست میں رکھا ہوا ہے۔ عدالت نے ایس ایس پی کو ہدایت کی کہ وہ معاملے کی تحقیقات کر کے رپورٹ پیش کریں۔ سماعت ملتوی کر دی گئی۔ حیدرآباد (اسٹاف رپورٹر) عدالت نے درخواست کی سماعت کرتے ہوئے متعلقہ حکام کو نوٹس جاری کر دیئے اور آئندہ سماعت پر جواب طلب کر لیا۔ درخواست گزار کا موقف تھا کہ پولیس نے غیر قانونی طور پر حراست میں رکھا ہوا ہے۔ عدالت نے ایس ایس پی کو ہدایت کی کہ وہ معاملے کی تحقیقات کر کے رپورٹ پیش کریں۔ سماعت ملتوی کر دی گئی۔

چیلنج 38
محمد اقبال

حیدرآباد (اسٹاف رپورٹر) عدالت نے درخواست کی سماعت کرتے ہوئے متعلقہ حکام کو نوٹس جاری کر دیئے اور آئندہ سماعت پر جواب طلب کر لیا۔ درخواست گزار کا موقف تھا کہ پولیس نے غیر قانونی طور پر حراست میں رکھا ہوا ہے۔ عدالت نے ایس ایس پی کو ہدایت کی کہ وہ معاملے کی تحقیقات کر کے رپورٹ پیش کریں۔ سماعت ملتوی کر دی گئی۔ حیدرآباد (اسٹاف رپورٹر) عدالت نے درخواست کی سماعت کرتے ہوئے متعلقہ حکام کو نوٹس جاری کر دیئے اور آئندہ سماعت پر جواب طلب کر لیا۔ درخواست گزار کا موقف تھا کہ پولیس نے غیر قانونی طور پر حراست میں رکھا ہوا ہے۔ عدالت نے ایس ایس پی کو ہدایت کی کہ وہ معاملے کی تحقیقات کر کے رپورٹ پیش کریں۔ سماعت ملتوی کر دی گئی۔

چیلنج 39
گلزار احمد

حیدرآباد (اسٹاف رپورٹر) عدالت نے درخواست کی سماعت کرتے ہوئے متعلقہ حکام کو نوٹس جاری کر دیئے اور آئندہ سماعت پر جواب طلب کر لیا۔ درخواست گزار کا موقف تھا کہ پولیس نے غیر قانونی طور پر حراست میں رکھا ہوا ہے۔ عدالت نے ایس ایس پی کو ہدایت کی کہ وہ معاملے کی تحقیقات کر کے رپورٹ پیش کریں۔ سماعت ملتوی کر دی گئی۔ حیدرآباد (اسٹاف رپورٹر) عدالت نے درخواست کی سماعت کرتے ہوئے متعلقہ حکام کو نوٹس جاری کر دیئے اور آئندہ سماعت پر جواب طلب کر لیا۔ درخواست گزار کا موقف تھا کہ پولیس نے غیر قانونی طور پر حراست میں رکھا ہوا ہے۔ عدالت نے ایس ایس پی کو ہدایت کی کہ وہ معاملے کی تحقیقات کر کے رپورٹ پیش کریں۔ سماعت ملتوی کر دی گئی۔

چیلنج 40
شوکت

حیدرآباد (اسٹاف رپورٹر) عدالت نے درخواست کی سماعت کرتے ہوئے متعلقہ حکام کو نوٹس جاری کر دیئے اور آئندہ سماعت پر جواب طلب کر لیا۔ درخواست گزار کا موقف تھا کہ پولیس نے غیر قانونی طور پر حراست میں رکھا ہوا ہے۔ عدالت نے ایس ایس پی کو ہدایت کی کہ وہ معاملے کی تحقیقات کر کے رپورٹ پیش کریں۔ سماعت ملتوی کر دی گئی۔ حیدرآباد (اسٹاف رپورٹر) عدالت نے درخواست کی سماعت کرتے ہوئے متعلقہ حکام کو نوٹس جاری کر دیئے اور آئندہ سماعت پر جواب طلب کر لیا۔ درخواست گزار کا موقف تھا کہ پولیس نے غیر قانونی طور پر حراست میں رکھا ہوا ہے۔ عدالت نے ایس ایس پی کو ہدایت کی کہ وہ معاملے کی تحقیقات کر کے رپورٹ پیش کریں۔ سماعت ملتوی کر دی گئی۔

چیلنج 41
مقدمات کا اندراج

حیدرآباد (اسٹاف رپورٹر) عدالت نے درخواست کی سماعت کرتے ہوئے متعلقہ حکام کو نوٹس جاری کر دیئے اور آئندہ سماعت پر جواب طلب کر لیا۔ درخواست گزار کا موقف تھا کہ پولیس نے غیر قانونی طور پر حراست میں رکھا ہوا ہے۔ عدالت نے ایس ایس پی کو ہدایت کی کہ وہ معاملے کی تحقیقات کر کے رپورٹ پیش کریں۔ سماعت ملتوی کر دی گئی۔ حیدرآباد (اسٹاف رپورٹر) عدالت نے درخواست کی سماعت کرتے ہوئے متعلقہ حکام کو نوٹس جاری کر دیئے اور آئندہ سماعت پر جواب طلب کر لیا۔ درخواست گزار کا موقف تھا کہ پولیس نے غیر قانونی طور پر حراست میں رکھا ہوا ہے۔ عدالت نے ایس ایس پی کو ہدایت کی کہ وہ معاملے کی تحقیقات کر کے رپورٹ پیش کریں۔ سماعت ملتوی کر دی گئی۔

چیلنج 42
اکبر علی

حیدرآباد (اسٹاف رپورٹر) عدالت نے درخواست کی سماعت کرتے ہوئے متعلقہ حکام کو نوٹس جاری کر دیئے اور آئندہ سماعت پر جواب طلب کر لیا۔ درخواست گزار کا موقف تھا کہ پولیس نے غیر قانونی طور پر حراست میں رکھا ہوا ہے۔ عدالت نے ایس ایس پی کو ہدایت کی کہ وہ معاملے کی تحقیقات کر کے رپورٹ پیش کریں۔ سماعت ملتوی کر دی گئی۔ حیدرآباد (اسٹاف رپورٹر) عدالت نے درخواست کی سماعت کرتے ہوئے متعلقہ حکام کو نوٹس جاری کر دیئے اور آئندہ سماعت پر جواب طلب کر لیا۔ درخواست گزار کا موقف تھا کہ پولیس نے غیر قانونی طور پر حراست میں رکھا ہوا ہے۔ عدالت نے ایس ایس پی کو ہدایت کی کہ وہ معاملے کی تحقیقات کر کے رپورٹ پیش کریں۔ سماعت ملتوی کر دی گئی۔

چیلنج 43
ظفر

حیدرآباد (اسٹاف رپورٹر) عدالت نے درخواست کی سماعت کرتے ہوئے متعلقہ حکام کو نوٹس جاری کر دیئے اور آئندہ سماعت پر جواب طلب کر لیا۔ درخواست گزار کا موقف تھا کہ پولیس نے غیر قانونی طور پر حراست میں رکھا ہوا ہے۔ عدالت نے ایس ایس پی کو ہدایت کی کہ وہ معاملے کی تحقیقات کر کے رپورٹ پیش کریں۔ سماعت ملتوی کر دی گئی۔ حیدرآباد (اسٹاف رپورٹر) عدالت نے درخواست کی سماعت کرتے ہوئے متعلقہ حکام کو نوٹس جاری کر دیئے اور آئندہ سماعت پر جواب طلب کر لیا۔ درخواست گزار کا موقف تھا کہ پولیس نے غیر قانونی طور پر حراست میں رکھا ہوا ہے۔ عدالت نے ایس ایس پی کو ہدایت کی کہ وہ معاملے کی تحقیقات کر کے رپورٹ پیش کریں۔ سماعت ملتوی کر دی گئی۔

چیلنج 44
فرحان

حیدرآباد (اسٹاف رپورٹر) عدالت نے درخواست کی سماعت کرتے ہوئے متعلقہ حکام کو نوٹس جاری کر دیئے اور آئندہ سماعت پر جواب طلب کر لیا۔ درخواست گزار کا موقف تھا کہ پولیس نے غیر قانونی طور پر حراست میں رکھا ہوا ہے۔ عدالت نے ایس ایس پی کو ہدایت کی کہ وہ معاملے کی تحقیقات کر کے رپورٹ پیش کریں۔ سماعت ملتوی کر دی گئی۔ حیدرآباد (اسٹاف رپورٹر) عدالت نے درخواست کی سماعت کرتے ہوئے متعلقہ حکام کو نوٹس جاری کر دیئے اور آئندہ سماعت پر جواب طلب کر لیا۔ درخواست گزار کا موقف تھا کہ پولیس نے غیر قانونی طور پر حراست میں رکھا ہوا ہے۔ عدالت نے ایس ایس پی کو ہدایت کی کہ وہ معاملے کی تحقیقات کر کے رپورٹ پیش کریں۔ سماعت ملتوی کر دی گئی۔

چیلنج 45
شیرین

حیدرآباد (اسٹاف رپورٹر) عدالت نے درخواست کی سماعت کرتے ہوئے متعلقہ حکام کو نوٹس جاری کر دیئے اور آئندہ سماعت پر جواب طلب کر لیا۔ درخواست گزار کا موقف تھا کہ پولیس نے غیر قانونی طور پر حراست میں رکھا ہوا ہے۔ عدالت نے ایس ایس پی کو ہدایت کی کہ وہ معاملے کی تحقیقات کر کے رپورٹ پیش کریں۔ سماعت ملتوی کر دی گئی۔ حیدرآباد (اسٹاف رپورٹر) عدالت نے درخواست کی سماعت کرتے ہوئے متعلقہ حکام کو نوٹس جاری کر دیئے اور آئندہ سماعت پر جواب طلب کر لیا۔ درخواست گزار کا موقف تھا کہ پولیس نے غیر قانونی طور پر حراست میں رکھا ہوا ہے۔ عدالت نے ایس ایس پی کو ہدایت کی کہ وہ معاملے کی تحقیقات کر کے رپورٹ پیش کریں۔ سماعت ملتوی کر دی گئی۔

چیلنج 46
پاک عرب

حیدرآباد (اسٹاف رپورٹر) عدالت نے درخواست کی سماعت کرتے ہوئے متعلقہ حکام کو نوٹس جاری کر دیئے اور آئندہ سماعت پر جواب طلب کر لیا۔ درخواست گزار کا موقف تھا کہ پولیس نے غیر قانونی طور پر حراست میں رکھا ہوا ہے۔ عدالت نے ایس ایس پی کو ہدایت کی کہ وہ معاملے کی تحقیقات کر کے رپورٹ پیش کریں۔ سماعت ملتوی کر دی گئی۔ حیدرآباد (اسٹاف رپورٹر) عدالت نے درخواست کی سماعت کرتے ہوئے متعلقہ حکام کو نوٹس جاری کر دیئے اور آئندہ سماعت پر جواب طلب کر لیا۔ درخواست گزار کا موقف تھا کہ پولیس نے غیر قانونی طور پر حراست میں رکھا ہوا ہے۔ عدالت نے ایس ایس پی کو ہدایت کی کہ وہ معاملے کی تحقیقات کر کے رپورٹ پیش کریں۔ سماعت ملتوی کر دی گئی۔

چیلنج 47
امان اللہ

حیدرآباد (اسٹاف رپورٹر) عدالت نے درخواست کی سماعت کرتے ہوئے متعلقہ حکام کو نوٹس جاری کر دیئے اور آئندہ سماعت پر جواب طلب کر لیا۔ درخواست گزار کا موقف تھا کہ پولیس نے غیر قانونی طور پر حراست میں رکھا ہوا ہے۔ عدالت نے ایس ایس پی کو ہدایت کی کہ وہ معاملے کی تحقیقات کر کے رپورٹ پیش کریں۔ سماعت ملتوی کر دی گئی۔ حیدرآباد (اسٹاف رپورٹر) عدالت نے درخواست کی سماعت کرتے ہوئے متعلقہ حکام کو نوٹس جاری کر دیئے اور آئندہ سماعت پر جواب طلب کر لیا۔ درخواست گزار کا موقف تھا کہ پولیس نے غیر قانونی طور پر حراست میں رکھا ہوا ہے۔ عدالت نے ایس ایس پی کو ہدایت کی کہ وہ معاملے کی تحقیقات کر کے رپورٹ پیش کریں۔ سماعت ملتوی کر دی گئی۔

چیلنج 48
شیر علی

حیدرآباد (اسٹاف رپورٹر) عدالت نے درخواست کی سماعت کرتے ہوئے متعلقہ حکام کو نوٹس جاری کر دیئے اور آئندہ سماعت پر جواب طلب کر لیا۔ درخواست گزار کا موقف تھا کہ پولیس نے غیر قانونی طور پر حراست میں رکھا ہوا ہے۔ عدالت نے ایس ایس پی کو ہدایت کی کہ وہ معاملے کی تحقیقات کر کے رپورٹ پیش کریں۔ سماعت ملتوی کر دی گئی۔ حیدرآباد (اسٹاف رپورٹر) عدالت نے درخواست کی سماعت کرتے ہوئے متعلقہ حکام کو نوٹس جاری کر دیئے اور آئندہ سماعت پر جواب طلب کر لیا۔ درخواست گزار کا موقف تھا کہ پولیس نے غیر قانونی طور پر حراست میں رکھا ہوا ہے۔ عدالت نے ایس ایس پی کو ہدایت کی کہ وہ معاملے کی تحقیقات کر کے رپورٹ پیش کریں۔ سماعت ملتوی کر دی گئی۔

چیلنج 49
ساجد علی

حیدرآباد (اسٹاف رپورٹر) عدالت نے درخواست کی سماعت کرتے ہوئے متعلقہ حکام کو نوٹس جاری کر دیئے اور آئندہ سماعت پر جواب طلب کر لیا۔ درخواست گزار کا موقف تھا کہ پولیس نے غیر قانونی طور پر حراست میں رکھا ہوا ہے۔ عدالت نے ایس ایس پی کو ہدایت کی کہ وہ معاملے کی تحقیقات کر کے رپورٹ پیش کریں۔ سماعت ملتوی کر دی گئی۔ حیدرآباد (اسٹاف رپورٹر) عدالت نے درخواست کی سماعت کرتے ہوئے متعلقہ حکام کو نوٹس جاری کر دیئے اور آئندہ سماعت پر جواب طلب کر لیا۔ درخواست گزار کا موقف تھا کہ پولیس نے غیر قانونی طور پر حراست میں رکھا ہوا ہے۔ عدالت نے ایس ایس پی کو ہدایت کی کہ وہ معاملے کی تحقیقات کر کے رپورٹ پیش کریں۔ سماعت ملتوی کر دی گئی۔

چیلنج 50
ابراہیم

حیدرآباد (اسٹاف رپورٹر) عدالت نے درخواست کی سماعت کرتے ہوئے متعلقہ حکام کو نوٹس جاری کر دیئے اور آئندہ سماعت پر جواب طلب کر لیا۔ درخواست گزار کا موقف تھا کہ پولیس نے غیر قانونی طور پر حراست میں رکھا ہوا ہے۔ عدالت نے ایس ایس پی کو ہدایت کی کہ وہ معاملے کی تحقیقات کر کے رپورٹ پیش کریں۔ سماعت ملتوی کر دی گئی۔ حیدرآباد (اسٹاف رپورٹر) عدالت نے درخواست کی سماعت کرتے ہوئے متعلقہ حکام کو نوٹس جاری کر دیئے اور آئندہ سماعت پر جواب طلب کر لیا۔ درخواست گزار کا موقف تھا کہ پولیس نے غیر قانونی طور پر حراست میں رکھا ہوا ہے۔ عدالت نے ایس ایس پی کو ہدایت کی کہ وہ معاملے کی تحقیقات کر کے رپورٹ پیش کریں۔ سماعت ملتوی کر دی گئی۔
